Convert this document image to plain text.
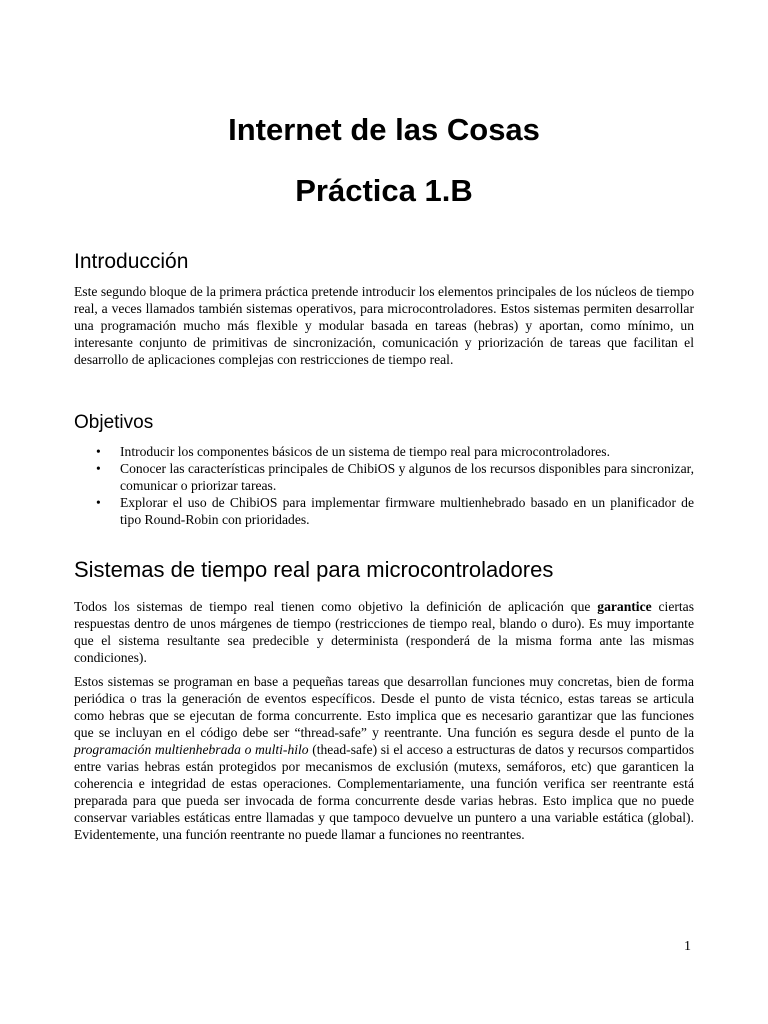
Internet de las Cosas
Práctica 1.B
Introducción

Este segundo bloque de la primera práctica pretende introducir los elementos principales de los núcleos de tiempo real, a veces llamados también sistemas operativos, para microcontroladores. Estos sistemas permiten desarrollar una programación mucho más flexible y modular basada en tareas (hebras) y aportan, como mínimo, un interesante conjunto de primitivas de sincronización, comunicación y priorización de tareas que facilitan el desarrollo de aplicaciones complejas con restricciones de tiempo real.

Objetivos
• Introducir los componentes básicos de un sistema de tiempo real para microcontroladores.
• Conocer las características principales de ChibiOS y algunos de los recursos disponibles para sincronizar, comunicar o priorizar tareas.
• Explorar el uso de ChibiOS para implementar firmware multienhebrado basado en un planificador de tipo Round-Robin con prioridades.
Sistemas de tiempo real para microcontroladores

Todos los sistemas de tiempo real tienen como objetivo la definición de aplicación que garantice ciertas respuestas dentro de unos márgenes de tiempo (restricciones de tiempo real, blando o duro). Es muy importante que el sistema resultante sea predecible y determinista (responderá de la misma forma ante las mismas condiciones).

Estos sistemas se programan en base a pequeñas tareas que desarrollan funciones muy concretas, bien de forma periódica o tras la generación de eventos específicos. Desde el punto de vista técnico, estas tareas se articula como hebras que se ejecutan de forma concurrente. Esto implica que es necesario garantizar que las funciones que se incluyan en el código debe ser “thread-safe” y reentrante. Una función es segura desde el punto de la programación multienhebrada o multi-hilo (thead-safe) si el acceso a estructuras de datos y recursos compartidos entre varias hebras están protegidos por mecanismos de exclusión (mutexs, semáforos, etc) que garanticen la coherencia e integridad de estas operaciones. Complementariamente, una función verifica ser reentrante está preparada para que pueda ser invocada de forma concurrente desde varias hebras. Esto implica que no puede conservar variables estáticas entre llamadas y que tampoco devuelve un puntero a una variable estática (global). Evidentemente, una función reentrante no puede llamar a funciones no reentrantes.

1
